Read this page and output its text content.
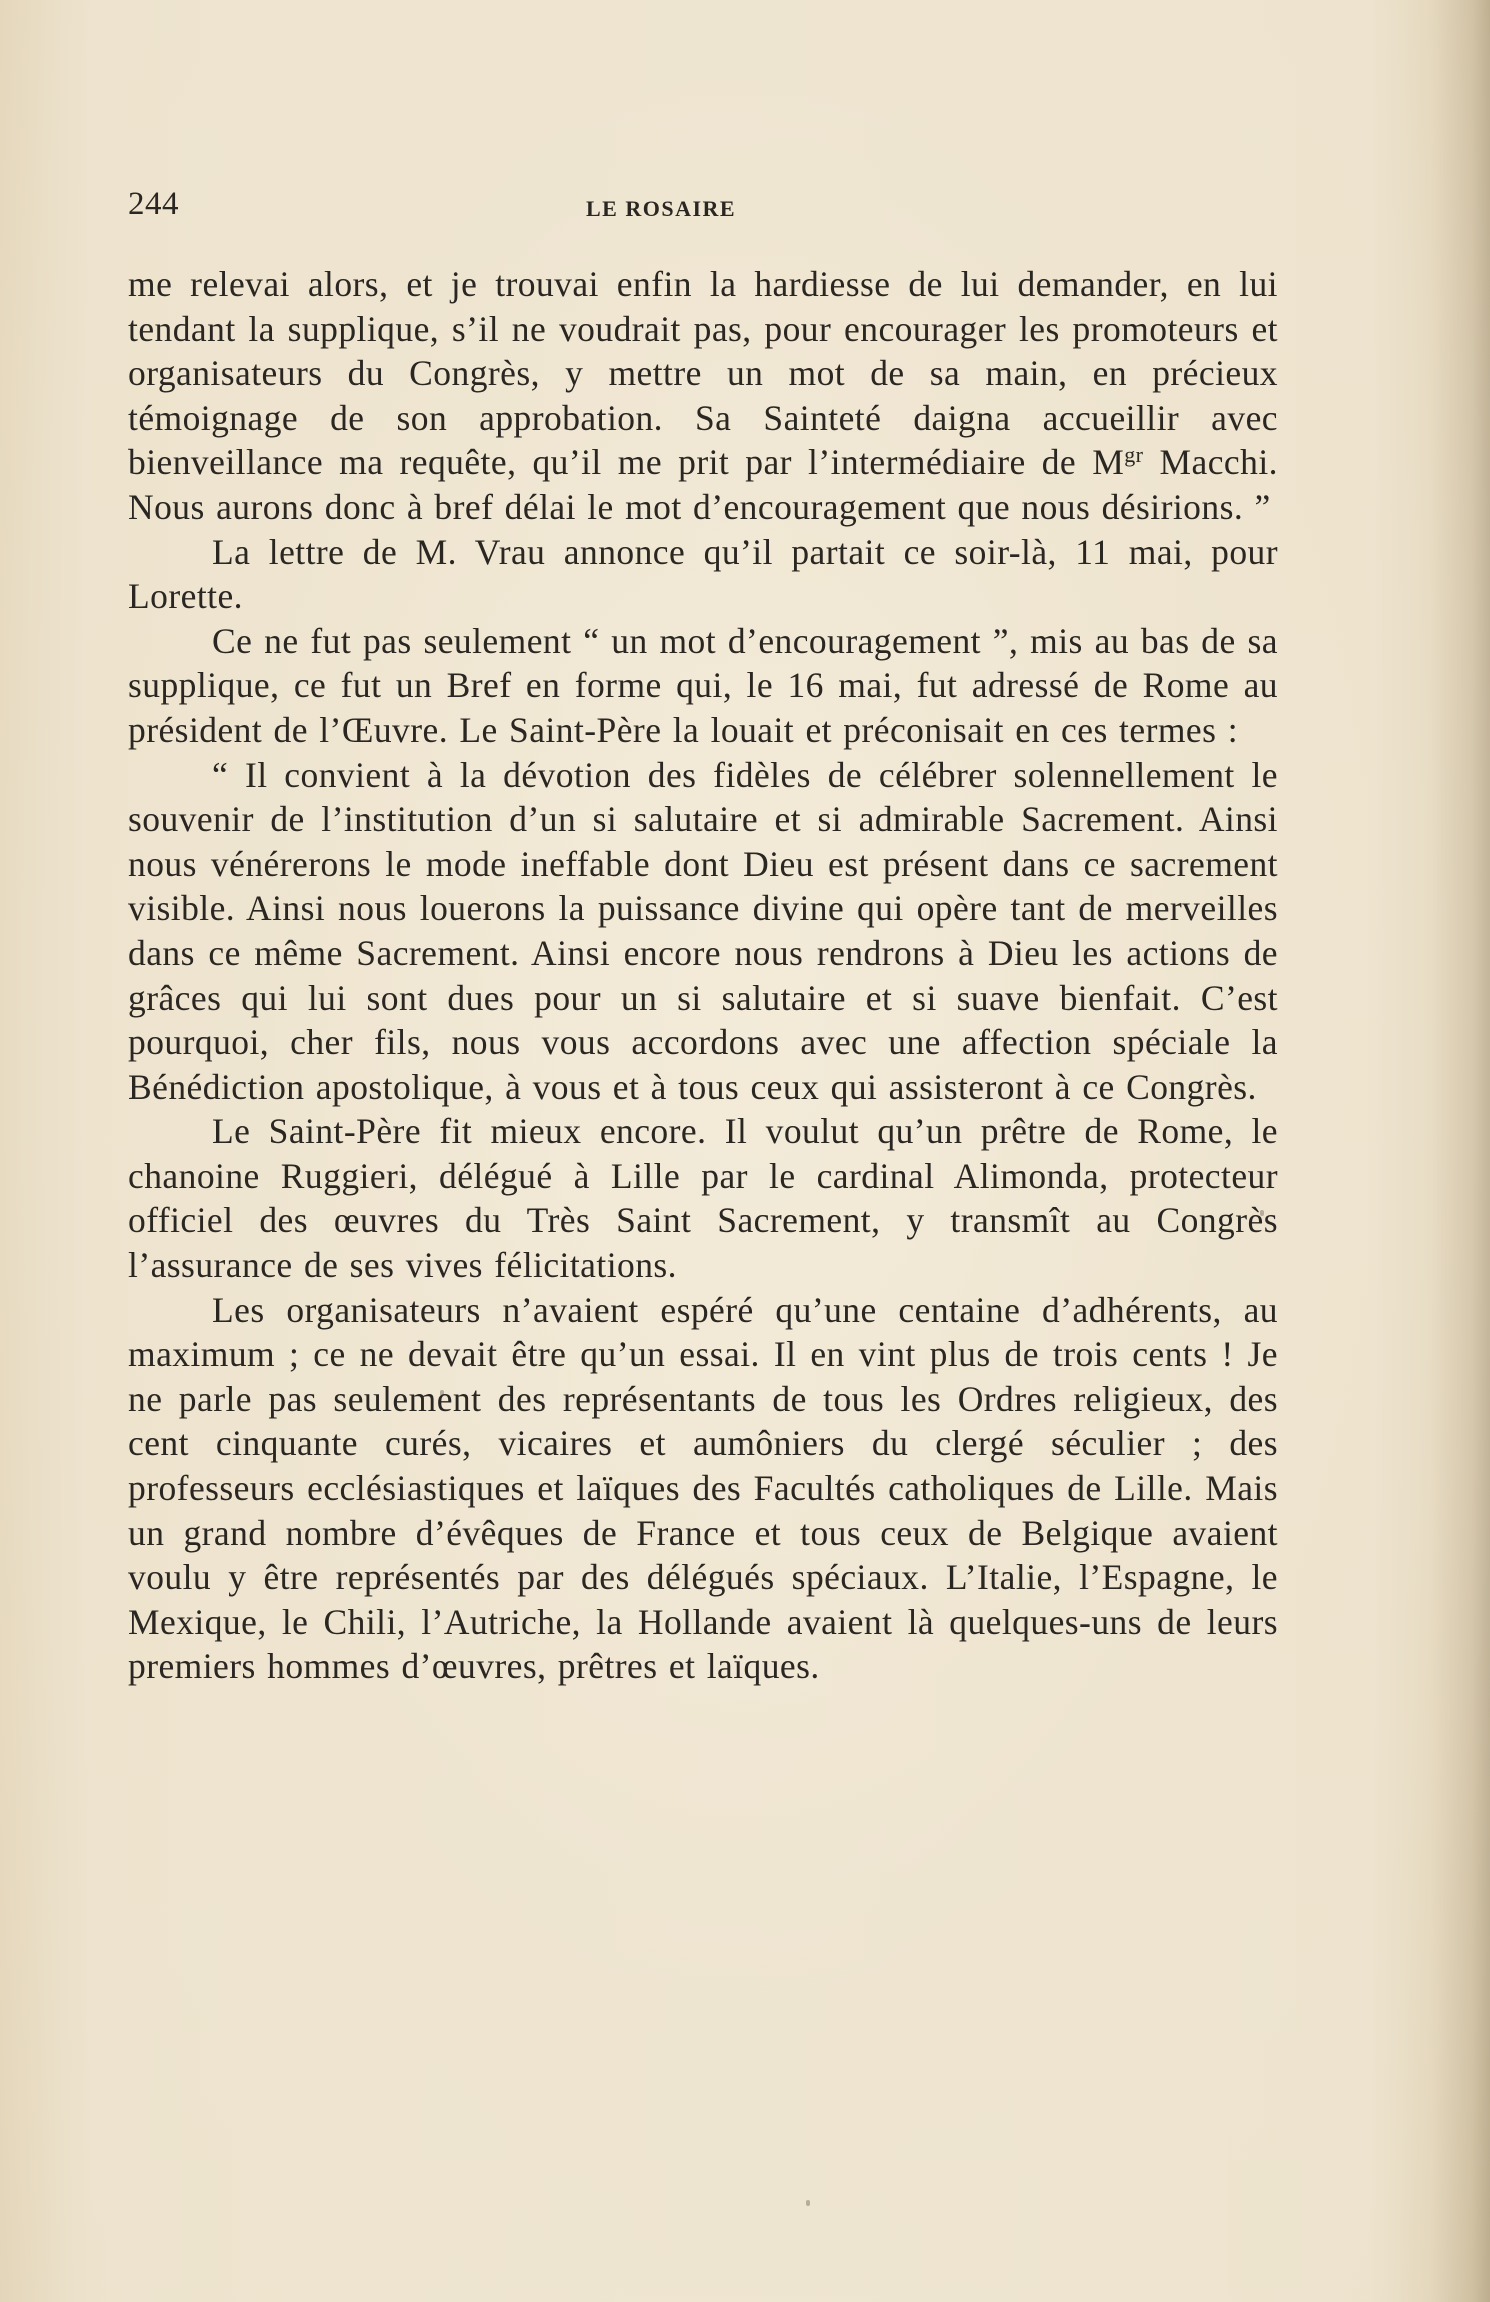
244	LE ROSAIRE

me relevai alors, et je trouvai enfin la hardiesse de lui demander, en lui tendant la supplique, s’il ne voudrait pas, pour encourager les promoteurs et organisateurs du Congrès, y mettre un mot de sa main, en précieux témoignage de son approbation. Sa Sainteté daigna accueillir avec bienveillance ma requête, qu’il me prit par l’intermédiaire de $M^{gr}$ Macchi. Nous aurons donc à bref délai le mot d’encouragement que nous désirions. ”

La lettre de M. Vrau annonce qu’il partait ce soir-là, 11 mai, pour Lorette.

Ce ne fut pas seulement “ un mot d’encouragement ”, mis au bas de sa supplique, ce fut un Bref en forme qui, le 16 mai, fut adressé de Rome au président de l’Œuvre. Le Saint-Père la louait et préconisait en ces termes :

“ Il convient à la dévotion des fidèles de célébrer solennellement le souvenir de l’institution d’un si salutaire et si admirable Sacrement. Ainsi nous vénérerons le mode ineffable dont Dieu est présent dans ce sacrement visible. Ainsi nous louerons la puissance divine qui opère tant de merveilles dans ce même Sacrement. Ainsi encore nous rendrons à Dieu les actions de grâces qui lui sont dues pour un si salutaire et si suave bienfait. C’est pourquoi, cher fils, nous vous accordons avec une affection spéciale la Bénédiction apostolique, à vous et à tous ceux qui assisteront à ce Congrès.

Le Saint-Père fit mieux encore. Il voulut qu’un prêtre de Rome, le chanoine Ruggieri, délégué à Lille par le cardinal Alimonda, protecteur officiel des œuvres du Très Saint Sacrement, y transmît au Congrès l’assurance de ses vives félicitations.

Les organisateurs n’avaient espéré qu’une centaine d’adhérents, au maximum ; ce ne devait être qu’un essai. Il en vint plus de trois cents ! Je ne parle pas seulement des représentants de tous les Ordres religieux, des cent cinquante curés, vicaires et aumôniers du clergé séculier ; des professeurs ecclésiastiques et laïques des Facultés catholiques de Lille. Mais un grand nombre d’évêques de France et tous ceux de Belgique avaient voulu y être représentés par des délégués spéciaux. L’Italie, l’Espagne, le Mexique, le Chili, l’Autriche, la Hollande avaient là quelques-uns de leurs premiers hommes d’œuvres, prêtres et laïques.
